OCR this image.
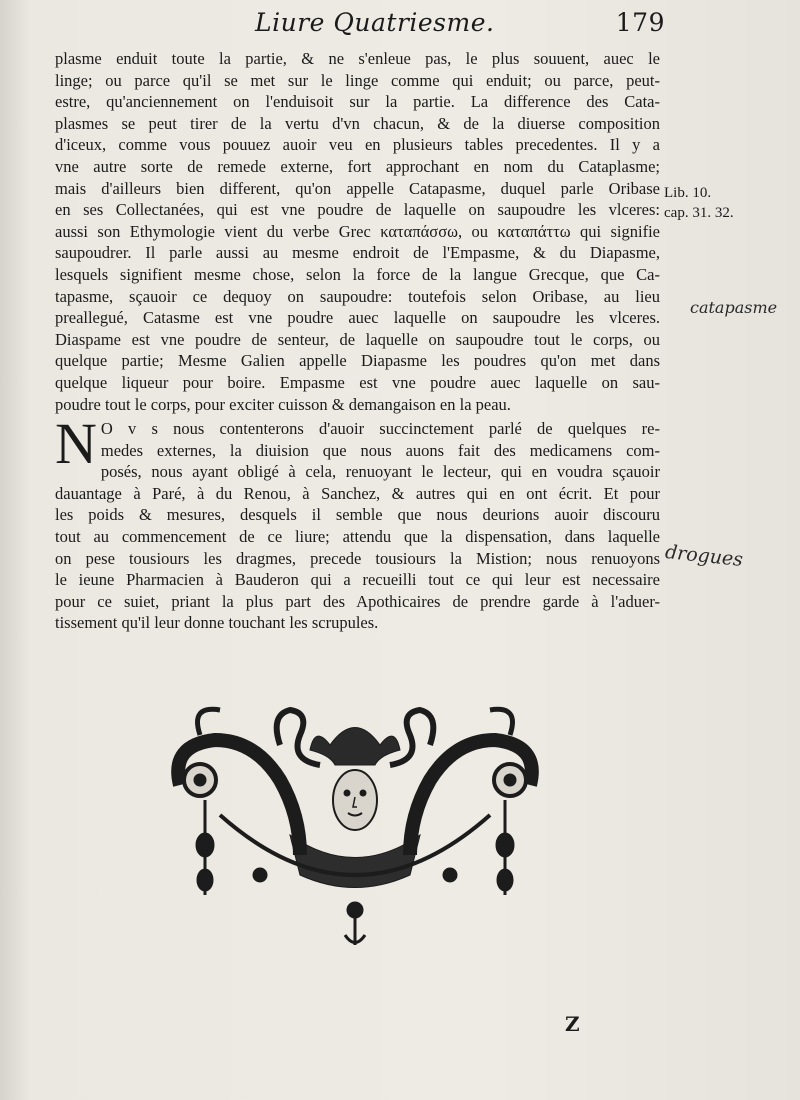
Liure Quatriesme.	179
plasme enduit toute la partie, & ne s'enleue pas, le plus souuent, auec le
linge; ou parce qu'il se met sur le linge comme qui enduit; ou parce, peut-
estre, qu'anciennement on l'enduisoit sur la partie. La difference des Cata-
plasmes se peut tirer de la vertu d'vn chacun, & de la diuerse composition
d'iceux, comme vous pouuez auoir veu en plusieurs tables precedentes. Il y a
vne autre sorte de remede externe, fort approchant en nom du Cataplasme;
mais d'ailleurs bien different, qu'on appelle Catapasme, duquel parle Oribase
en ses Collectanées, qui est vne poudre de laquelle on saupoudre les vlceres:
aussi son Ethymologie vient du verbe Grec καταπάσσω, ou καταπάττω qui signifie
saupoudrer. Il parle aussi au mesme endroit de l'Empasme, & du Diapasme,
lesquels signifient mesme chose, selon la force de la langue Grecque, que Ca-
tapasme, sçauoir ce dequoy on saupoudre: toutefois selon Oribase, au lieu
preallegué, Catasme est vne poudre auec laquelle on saupoudre les vlceres.
Diaspame est vne poudre de senteur, de laquelle on saupoudre tout le corps, ou
quelque partie; Mesme Galien appelle Diapasme les poudres qu'on met dans
quelque liqueur pour boire. Empasme est vne poudre auec laquelle on sau-
poudre tout le corps, pour exciter cuisson & demangaison en la peau.
N O v s nous contenterons d'auoir succinctement parlé de quelques re-
medes externes, la diuision que nous auons fait des medicamens com-
posés, nous ayant obligé à cela, renuoyant le lecteur, qui en voudra sçauoir
dauantage à Paré, à du Renou, à Sanchez, & autres qui en ont écrit. Et pour
les poids & mesures, desquels il semble que nous deurions auoir discouru
tout au commencement de ce liure; attendu que la dispensation, dans laquelle
on pese tousiours les dragmes, precede tousiours la Mistion; nous renuoyons
le ieune Pharmacien à Bauderon qui a recueilli tout ce qui leur est necessaire
pour ce suiet, priant la plus part des Apothicaires de prendre garde à l'aduer-
tissement qu'il leur donne touchant les scrupules.
Lib. 10.
cap. 31. 32.
catapasme
drogues
Z
